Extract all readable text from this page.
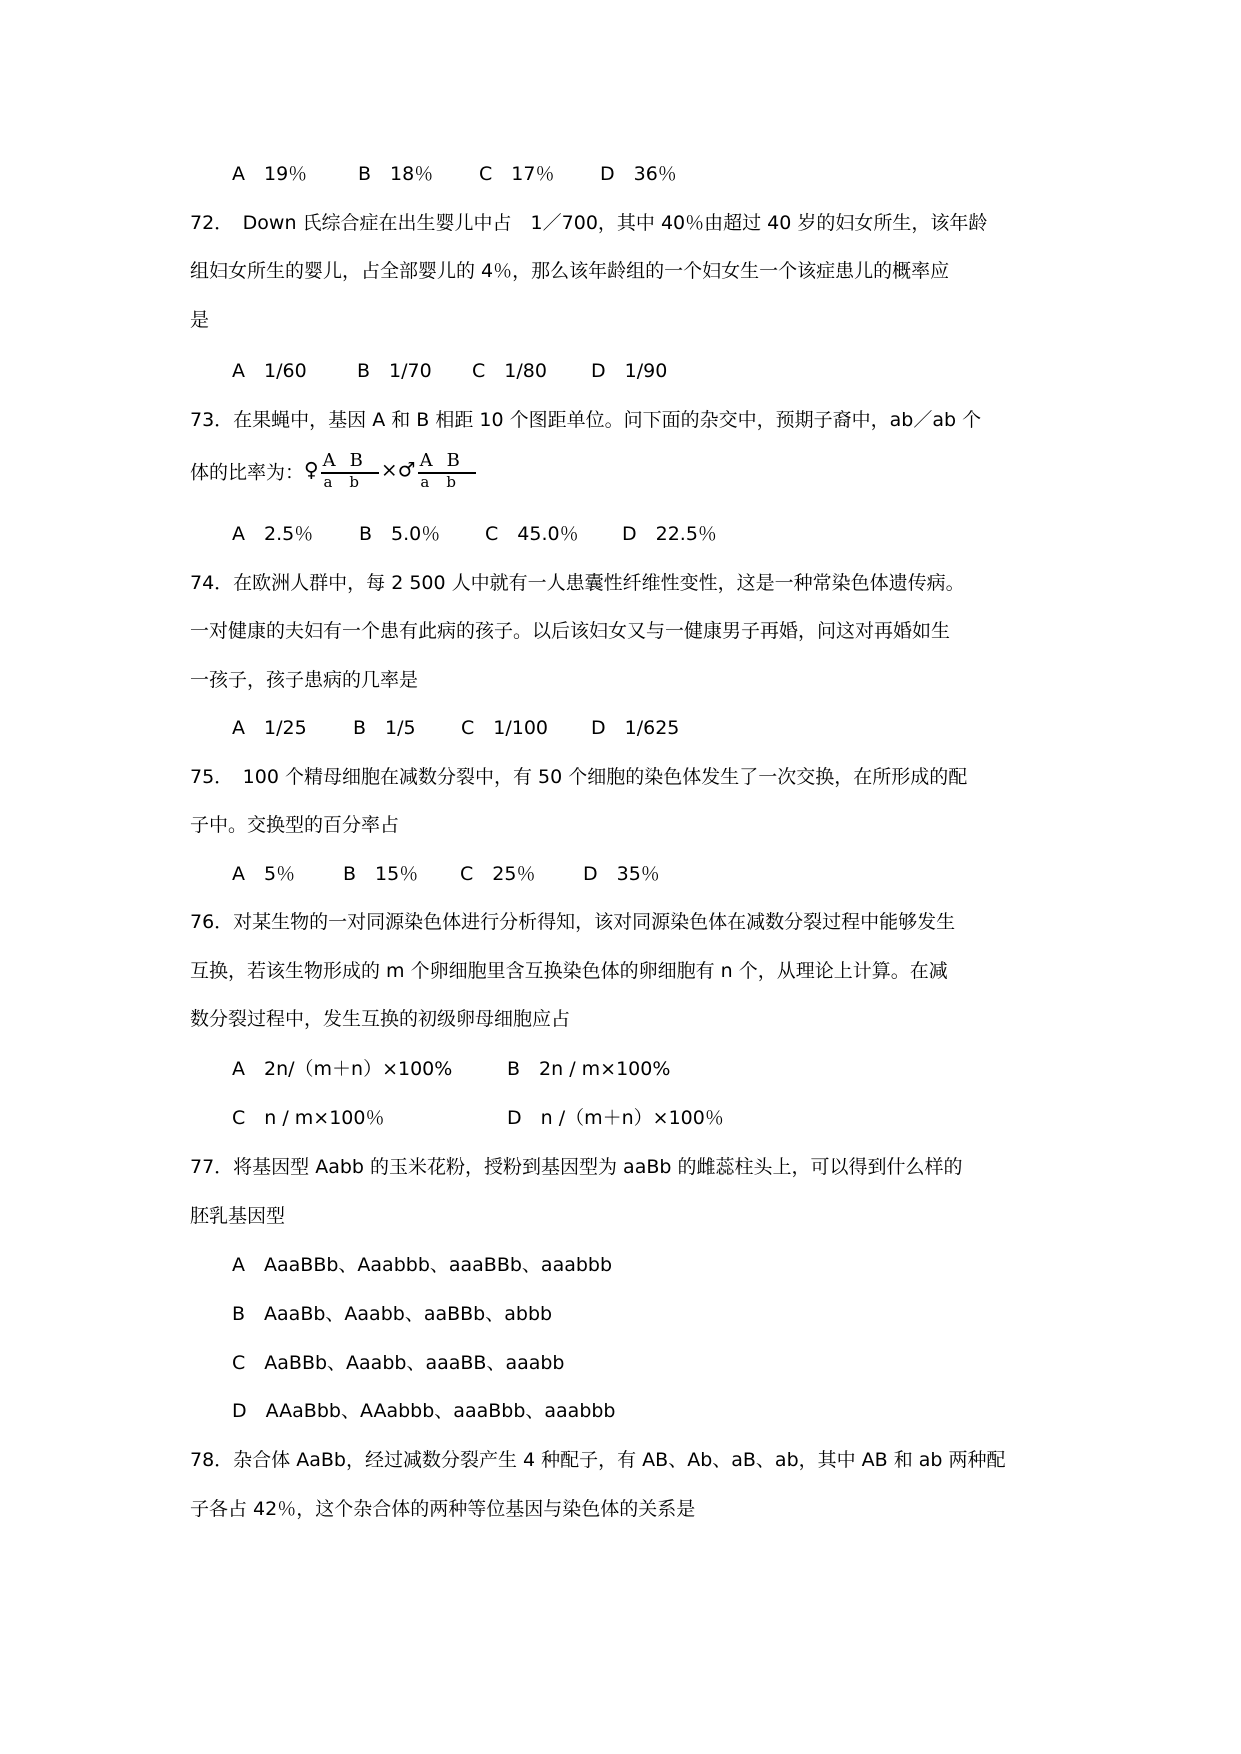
A　19％	B　18％ C　17％ D　36％
72．　Down 氏综合症在出生婴儿中占　1／700，其中 40％由超过 40 岁的妇女所生，该年龄
组妇女所生的婴儿，占全部婴儿的 4％，那么该年龄组的一个妇女生一个该症患儿的概率应
是
A　1/60	B　1/70 C　1/80 D　1/90
73．在果蝇中，基因 A 和 B 相距 10 个图距单位。问下面的杂交中，预期子裔中，ab／ab 个
体的比率为：♀ $\frac{AB}{ab}$ ×♂ $\frac{AB}{ab}$
A　2.5％ B　5.0％ C　45.0％ D　22.5％
74．在欧洲人群中，每 2 500 人中就有一人患囊性纤维性变性，这是一种常染色体遗传病。
一对健康的夫妇有一个患有此病的孩子。以后该妇女又与一健康男子再婚，问这对再婚如生
一孩子，孩子患病的几率是
A　1/25 B　1/5 C　1/100 D　1/625
75．　100 个精母细胞在减数分裂中，有 50 个细胞的染色体发生了一次交换，在所形成的配
子中。交换型的百分率占
A　5％	B　15％ C　25％	D　35％
76．对某生物的一对同源染色体进行分析得知，该对同源染色体在减数分裂过程中能够发生
互换，若该生物形成的 m 个卵细胞里含互换染色体的卵细胞有 n 个，从理论上计算。在减
数分裂过程中，发生互换的初级卵母细胞应占
A　2n/（m＋n）×100%	B　2n / m×100%
C　n / m×100％	D　n /（m＋n）×100％
77．将基因型 Aabb 的玉米花粉，授粉到基因型为 aaBb 的雌蕊柱头上，可以得到什么样的
胚乳基因型
A　AaaBBb、Aaabbb、aaaBBb、aaabbb
B　AaaBb、Aaabb、aaBBb、abbb
C　AaBBb、Aaabb、aaaBB、aaabb
D　AAaBbb、AAabbb、aaaBbb、aaabbb
78．杂合体 AaBb，经过减数分裂产生 4 种配子，有 AB、Ab、aB、ab，其中 AB 和 ab 两种配
子各占 42％，这个杂合体的两种等位基因与染色体的关系是
